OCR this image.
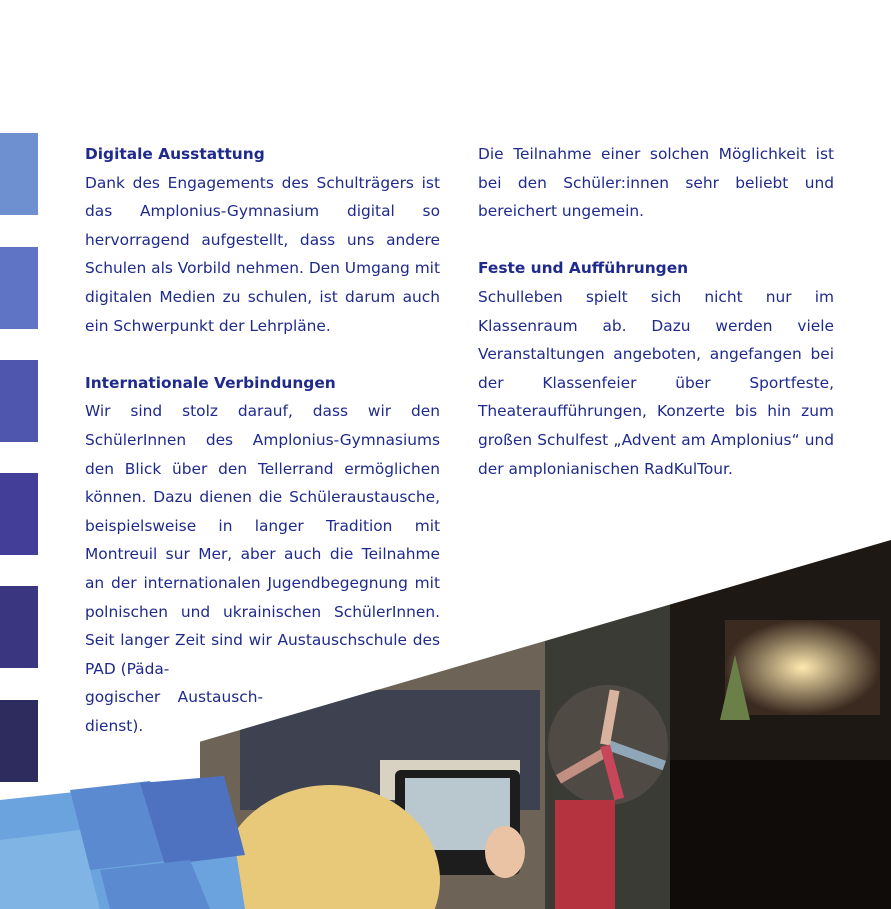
Digitale Ausstattung

Dank des Engagements des Schulträgers ist das Amplonius-Gymnasium digital so hervorragend aufgestellt, dass uns andere Schulen als Vorbild nehmen. Den Umgang mit digitalen Medien zu schulen, ist darum auch ein Schwerpunkt der Lehrpläne.

Internationale Verbindungen

Wir sind stolz darauf, dass wir den SchülerInnen des Amplonius-Gymnasiums den Blick über den Tellerrand ermöglichen können. Dazu dienen die Schüleraustausche, beispielsweise in langer Tradition mit Montreuil sur Mer, aber auch die Teilnahme an der internationalen Jugendbegegnung mit polnischen und ukrainischen SchülerInnen. Seit langer Zeit sind wir Austauschschule des PAD (Päda-

gogischer Austausch-

dienst).

Die Teilnahme einer solchen Möglichkeit ist bei den Schüler:innen sehr beliebt und bereichert ungemein.

Feste und Aufführungen

Schulleben spielt sich nicht nur im Klassenraum ab. Dazu werden viele Veranstaltungen angeboten, angefangen bei der Klassenfeier über Sportfeste, Theateraufführungen, Konzerte bis hin zum großen Schulfest „Advent am Amplonius“ und der amplonianischen RadKulTour.
